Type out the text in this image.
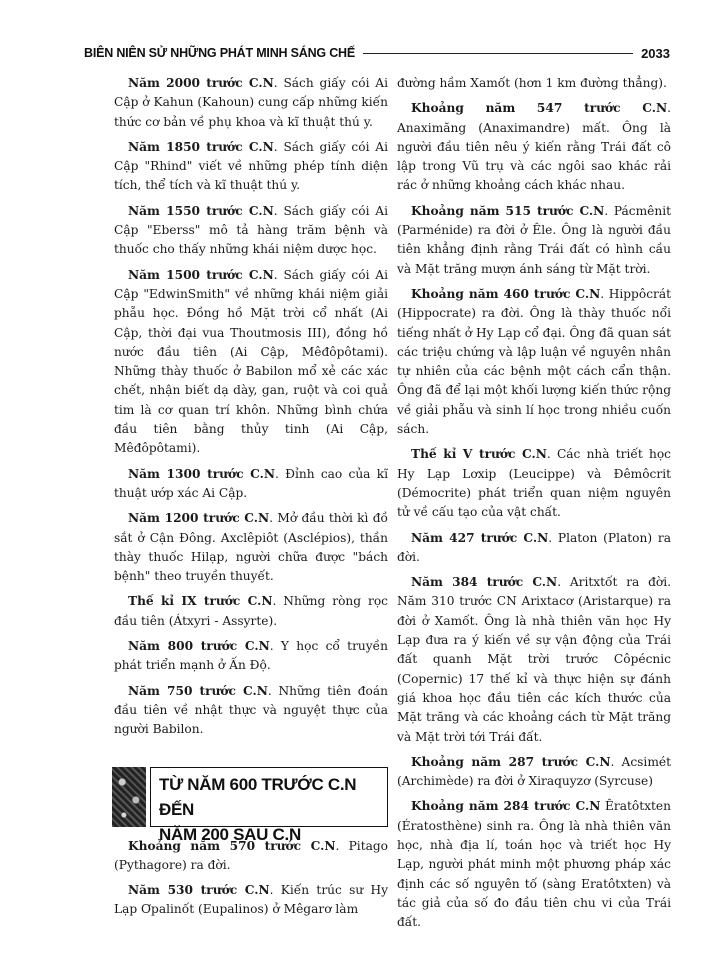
BIÊN NIÊN SỬ NHỮNG PHÁT MINH SÁNG CHẾ	2033

Năm 2000 trước C.N. Sách giấy cói Ai Cập ở Kahun (Kahoun) cung cấp những kiến thức cơ bản về phụ khoa và kĩ thuật thú y.

Năm 1850 trước C.N. Sách giấy cói Ai Cập "Rhind" viết về những phép tính diện tích, thể tích và kĩ thuật thú y.

Năm 1550 trước C.N. Sách giấy cói Ai Cập "Eberss" mô tả hàng trăm bệnh và thuốc cho thấy những khái niệm dược học.

Năm 1500 trước C.N. Sách giấy cói Ai Cập "EdwinSmith" về những khái niệm giải phẫu học. Đồng hồ Mặt trời cổ nhất (Ai Cập, thời đại vua Thoutmosis III), đồng hồ nước đầu tiên (Ai Cập, Mêđôpôtami). Những thày thuốc ở Babilon mổ xẻ các xác chết, nhận biết dạ dày, gan, ruột và coi quả tim là cơ quan trí khôn. Những bình chứa đầu tiên bằng thủy tinh (Ai Cập, Mêđôpôtami).

Năm 1300 trước C.N. Đỉnh cao của kĩ thuật ướp xác Ai Cập.

Năm 1200 trước C.N. Mở đầu thời kì đồ sắt ở Cận Đông. Axclêpiôt (Asclépios), thần thày thuốc Hilạp, người chữa được "bách bệnh" theo truyền thuyết.

Thế kỉ IX trước C.N. Những ròng rọc đầu tiên (Átxyri - Assyrte).

Năm 800 trước C.N. Y học cổ truyền phát triển mạnh ở Ấn Độ.

Năm 750 trước C.N. Những tiên đoán đầu tiên về nhật thực và nguyệt thực của người Babilon.

TỪ NĂM 600 TRƯỚC C.N ĐẾN
NĂM 200 SAU C.N

Khoảng năm 570 trước C.N. Pitago (Pythagore) ra đời.

Năm 530 trước C.N. Kiến trúc sư Hy Lạp Ơpalinốt (Eupalinos) ở Mêgarơ làm

đường hầm Xamốt (hơn 1 km đường thẳng).

Khoảng năm 547 trước C.N. Anaximăng (Anaximandre) mất. Ông là người đầu tiên nêu ý kiến rằng Trái đất cô lập trong Vũ trụ và các ngôi sao khác rải rác ở những khoảng cách khác nhau.

Khoảng năm 515 trước C.N. Pácmênit (Parménide) ra đời ở Êle. Ông là người đầu tiên khẳng định rằng Trái đất có hình cầu và Mặt trăng mượn ánh sáng từ Mặt trời.

Khoảng năm 460 trước C.N. Hippôcrát (Hippocrate) ra đời. Ông là thày thuốc nổi tiếng nhất ở Hy Lạp cổ đại. Ông đã quan sát các triệu chứng và lập luận về nguyên nhân tự nhiên của các bệnh một cách cẩn thận. Ông đã để lại một khối lượng kiến thức rộng về giải phẫu và sinh lí học trong nhiều cuốn sách.

Thế kỉ V trước C.N. Các nhà triết học Hy Lạp Lơxip (Leucippe) và Đêmôcrit (Démocrite) phát triển quan niệm nguyên tử về cấu tạo của vật chất.

Năm 427 trước C.N. Platon (Platon) ra đời.

Năm 384 trước C.N. Aritxtốt ra đời. Năm 310 trước CN Arixtacơ (Aristarque) ra đời ở Xamốt. Ông là nhà thiên văn học Hy Lạp đưa ra ý kiến về sự vận động của Trái đất quanh Mặt trời trước Côpécnic (Copernic) 17 thế kỉ và thực hiện sự đánh giá khoa học đầu tiên các kích thước của Mặt trăng và các khoảng cách từ Mặt trăng và Mặt trời tới Trái đất.

Khoảng năm 287 trước C.N. Acsimét (Archimède) ra đời ở Xiraquyzơ (Syrcuse)

Khoảng năm 284 trước C.N Êratôtxten (Ératosthène) sinh ra. Ông là nhà thiên văn học, nhà địa lí, toán học và triết học Hy Lạp, người phát minh một phương pháp xác định các số nguyên tố (sàng Eratôtxten) và tác giả của số đo đầu tiên chu vi của Trái đất.
